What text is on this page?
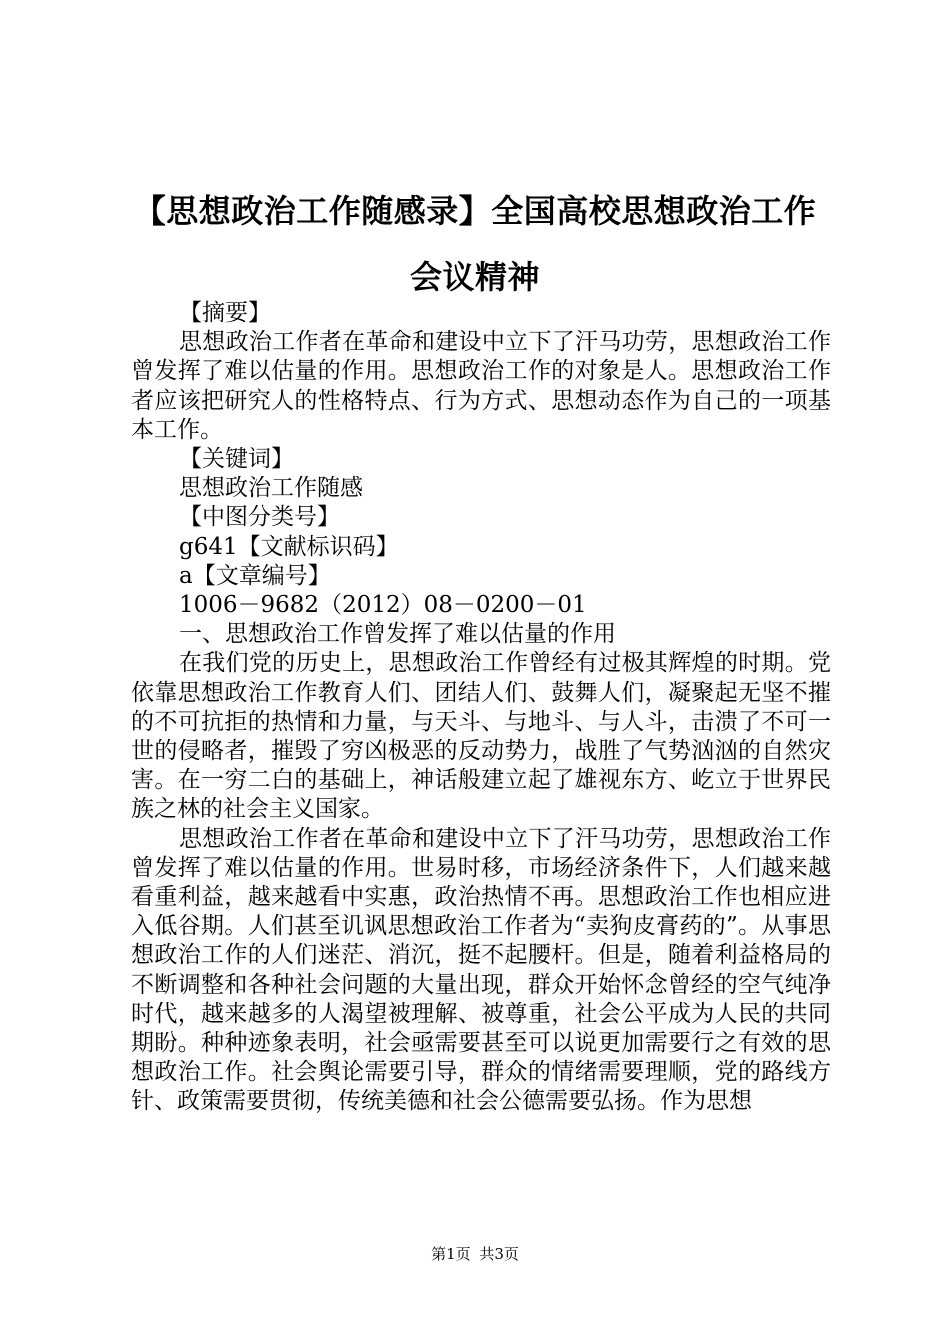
【思想政治工作随感录】全国高校思想政治工作会议精神

【摘要】

思想政治工作者在革命和建设中立下了汗马功劳，思想政治工作曾发挥了难以估量的作用。思想政治工作的对象是人。思想政治工作者应该把研究人的性格特点、行为方式、思想动态作为自己的一项基本工作。

【关键词】

思想政治工作随感

【中图分类号】

g641【文献标识码】

a【文章编号】

1006－9682（2012）08－0200－01

一、思想政治工作曾发挥了难以估量的作用

在我们党的历史上，思想政治工作曾经有过极其辉煌的时期。党依靠思想政治工作教育人们、团结人们、鼓舞人们，凝聚起无坚不摧的不可抗拒的热情和力量，与天斗、与地斗、与人斗，击溃了不可一世的侵略者，摧毁了穷凶极恶的反动势力，战胜了气势汹汹的自然灾害。在一穷二白的基础上，神话般建立起了雄视东方、屹立于世界民族之林的社会主义国家。

思想政治工作者在革命和建设中立下了汗马功劳，思想政治工作曾发挥了难以估量的作用。世易时移，市场经济条件下，人们越来越看重利益，越来越看中实惠，政治热情不再。思想政治工作也相应进入低谷期。人们甚至讥讽思想政治工作者为“卖狗皮膏药的”。从事思想政治工作的人们迷茫、消沉，挺不起腰杆。但是，随着利益格局的不断调整和各种社会问题的大量出现，群众开始怀念曾经的空气纯净时代，越来越多的人渴望被理解、被尊重，社会公平成为人民的共同期盼。种种迹象表明，社会亟需要甚至可以说更加需要行之有效的思想政治工作。社会舆论需要引导，群众的情绪需要理顺，党的路线方针、政策需要贯彻，传统美德和社会公德需要弘扬。作为思想

第1页 共3页
